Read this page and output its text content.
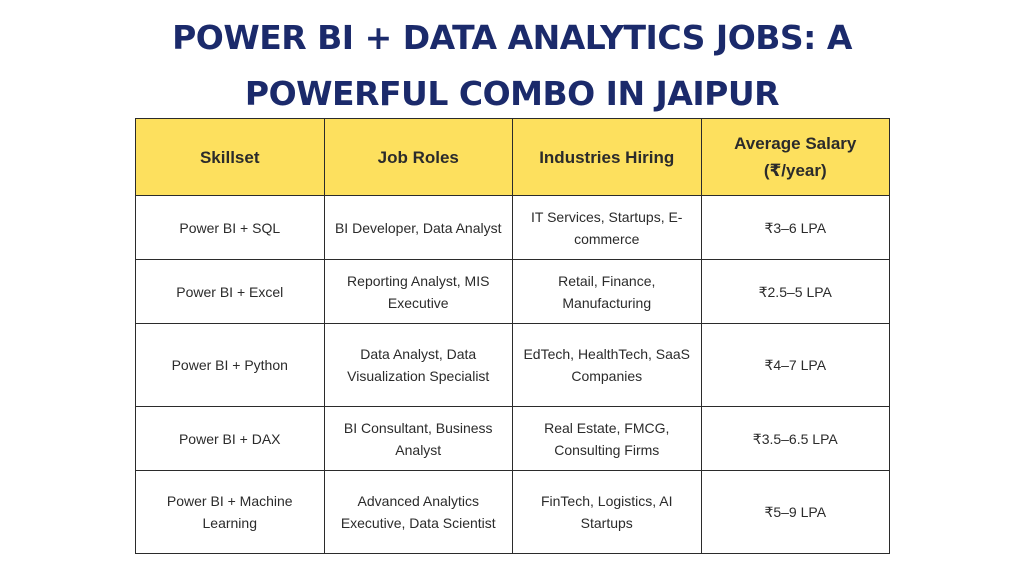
POWER BI + DATA ANALYTICS JOBS: A
POWERFUL COMBO IN JAIPUR
Skillset	Job Roles	Industries Hiring	Average Salary (₹/year)
Power BI + SQL	BI Developer, Data Analyst	IT Services, Startups, E-commerce	₹3–6 LPA
Power BI + Excel	Reporting Analyst, MIS Executive	Retail, Finance, Manufacturing	₹2.5–5 LPA
Power BI + Python	Data Analyst, Data Visualization Specialist	EdTech, HealthTech, SaaS Companies	₹4–7 LPA
Power BI + DAX	BI Consultant, Business Analyst	Real Estate, FMCG, Consulting Firms	₹3.5–6.5 LPA
Power BI + Machine Learning	Advanced Analytics Executive, Data Scientist	FinTech, Logistics, AI Startups	₹5–9 LPA
